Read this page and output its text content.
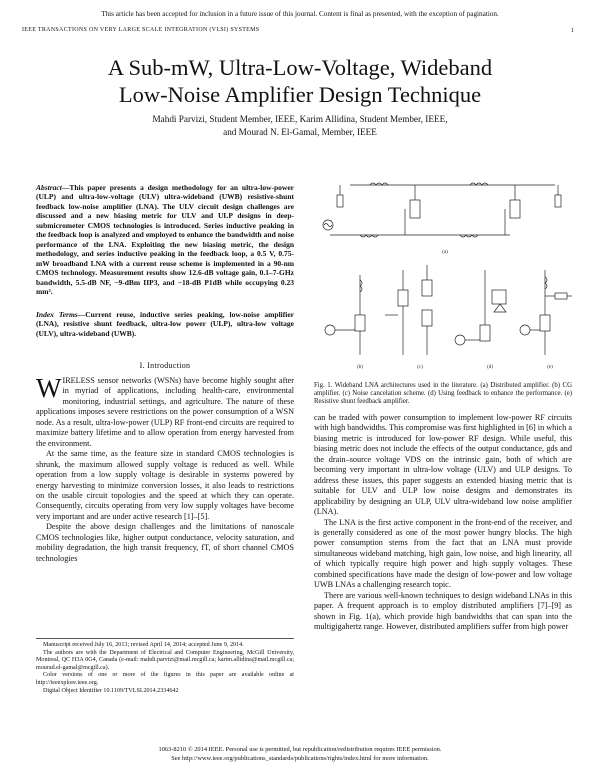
This article has been accepted for inclusion in a future issue of this journal. Content is final as presented, with the exception of pagination.
IEEE TRANSACTIONS ON VERY LARGE SCALE INTEGRATION (VLSI) SYSTEMS	1
A Sub-mW, Ultra-Low-Voltage, Wideband
Low-Noise Amplifier Design Technique
Mahdi Parvizi, Student Member, IEEE, Karim Allidina, Student Member, IEEE,
and Mourad N. El-Gamal, Member, IEEE
Abstract—This paper presents a design methodology for an ultra-low-power (ULP) and ultra-low-voltage (ULV) ultra-wideband (UWB) resistive-shunt feedback low-noise amplifier (LNA). The ULV circuit design challenges are discussed and a new biasing metric for ULV and ULP designs in deep-submicrometer CMOS technologies is introduced. Series inductive peaking in the feedback loop is analyzed and employed to enhance the bandwidth and noise performance of the LNA. Exploiting the new biasing metric, the design methodology, and series inductive peaking in the feedback loop, a 0.5 V, 0.75-mW broadband LNA with a current reuse scheme is implemented in a 90-nm CMOS technology. Measurement results show 12.6-dB voltage gain, 0.1–7-GHz bandwidth, 5.5-dB NF, −9-dBm IIP3, and −18-dB P1dB while occupying 0.23 mm².
Index Terms—Current reuse, inductive series peaking, low-noise amplifier (LNA), resistive shunt feedback, ultra-low power (ULP), ultra-low voltage (ULV), ultra-wideband (UWB).
I. Introduction

WIRELESS sensor networks (WSNs) have become highly sought after in myriad of applications, including health-care, environmental monitoring, industrial settings, and agriculture. The nature of these applications imposes severe restrictions on the power consumption of a WSN node. As a result, ultra-low-power (ULP) RF front-end circuits are required to maximize battery lifetime and to allow operation from energy harvested from the environment.

At the same time, as the feature size in standard CMOS technologies is shrunk, the maximum allowed supply voltage is reduced as well. While operation from a low supply voltage is desirable in systems powered by energy harvesting to minimize conversion losses, it also leads to restrictions on the usable circuit topologies and the speed at which they can operate. Consequently, circuits operating from very low supply voltages have become very important and are under active research [1]–[5].

Despite the above design challenges and the limitations of nanoscale CMOS technologies like, higher output conductance, velocity saturation, and mobility degradation, the high transit frequency, fT, of short channel CMOS technologies

Manuscript received July 16, 2013; revised April 14, 2014; accepted June 9, 2014.

The authors are with the Department of Electrical and Computer Engineering, McGill University, Montreal, QC H3A 0G4, Canada (e-mail: mahdi.parvizi@mail.mcgill.ca; karim.allidina@mail.mcgill.ca; mourad.el-gamal@mcgill.ca).

Color versions of one or more of the figures in this paper are available online at http://ieeexplore.ieee.org.

Digital Object Identifier 10.1109/TVLSI.2014.2334642

(a)
(b)	(c)	(d)	(e)
Fig. 1. Wideband LNA architectures used in the literature. (a) Distributed amplifier. (b) CG amplifier. (c) Noise cancelation scheme. (d) Using feedback to enhance the performance. (e) Resistive shunt feedback amplifier.

can be traded with power consumption to implement low-power RF circuits with high bandwidths. This compromise was first highlighted in [6] in which a biasing metric is introduced for low-power RF design. While useful, this biasing metric does not include the effects of the output conductance, gds and the drain–source voltage VDS on the intrinsic gain, both of which are becoming very important in ultra-low voltage (ULV) and ULP designs. To address these issues, this paper suggests an extended biasing metric that is suitable for ULV and ULP low noise designs and demonstrates its applicability by designing an ULP, ULV ultra-wideband low noise amplifier (LNA).

The LNA is the first active component in the front-end of the receiver, and is generally considered as one of the most power hungry blocks. The high power consumption stems from the fact that an LNA must provide simultaneous wideband matching, high gain, low noise, and high linearity, all of which typically require high power and high supply voltages. These combined specifications have made the design of low-power and low voltage UWB LNAs a challenging research topic.

There are various well-known techniques to design wideband LNAs in this paper. A frequent approach is to employ distributed amplifiers [7]–[9] as shown in Fig. 1(a), which provide high bandwidths that can span into the multigigahertz range. However, distributed amplifiers suffer from high power

1063-8210 © 2014 IEEE. Personal use is permitted, but republication/redistribution requires IEEE permission.
See http://www.ieee.org/publications_standards/publications/rights/index.html for more information.
